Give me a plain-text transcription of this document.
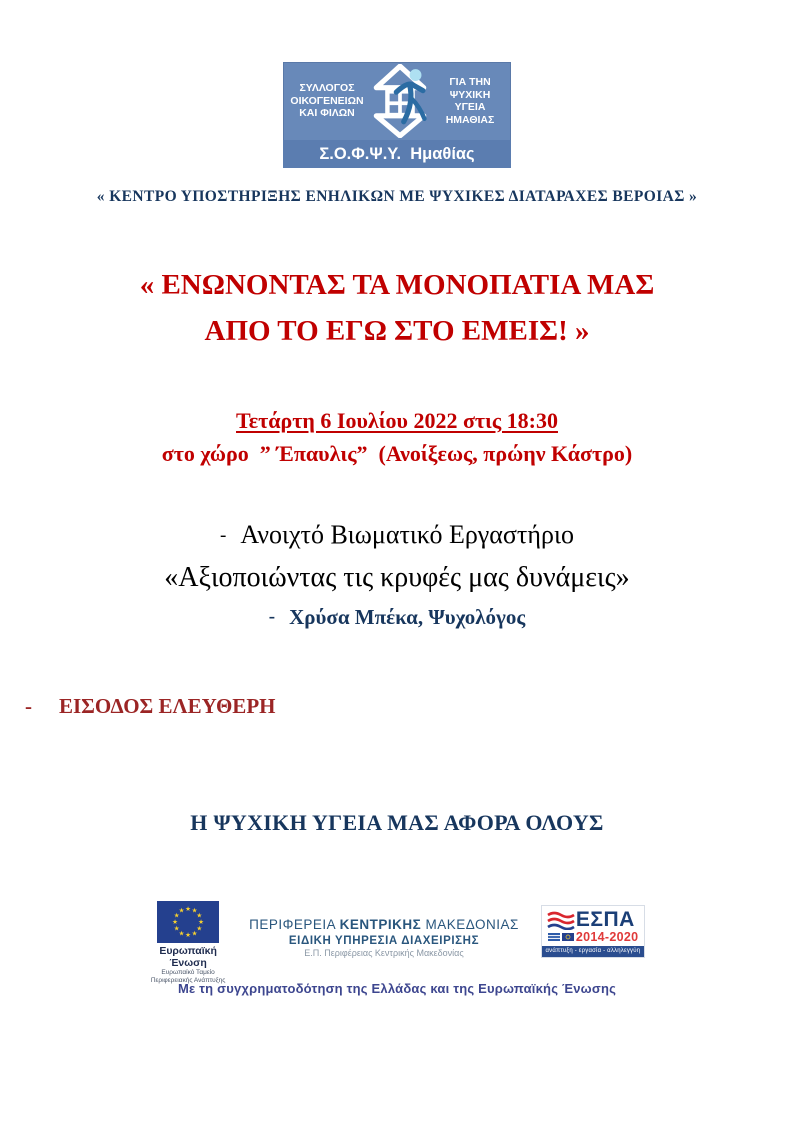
ΣΥΛΛΟΓΟΣ
ΟΙΚΟΓΕΝΕΙΩΝ
ΚΑΙ ΦΙΛΩΝ
ΓΙΑ ΤΗΝ
ΨΥΧΙΚΗ ΥΓΕΙΑ
ΗΜΑΘΙΑΣ
Σ.Ο.Φ.Ψ.Υ.  Ημαθίας
« ΚΕΝΤΡΟ ΥΠΟΣΤΗΡΙΞΗΣ ΕΝΗΛΙΚΩΝ ΜΕ ΨΥΧΙΚΕΣ ΔΙΑΤΑΡΑΧΕΣ ΒΕΡΟΙΑΣ »
« ΕΝΩΝΟΝΤΑΣ ΤΑ ΜΟΝΟΠΑΤΙΑ ΜΑΣ
ΑΠΟ ΤΟ ΕΓΩ ΣΤΟ ΕΜΕΙΣ! »
Τετάρτη 6 Ιουλίου 2022 στις 18:30
στο χώρο  ” Έπαυλις”  (Ανοίξεως, πρώην Κάστρο)
- Ανοιχτό Βιωματικό Εργαστήριο
«Αξιοποιώντας τις κρυφές μας δυνάμεις»
- Χρύσα Μπέκα, Ψυχολόγος
- ΕΙΣΟΔΟΣ ΕΛΕΥΘΕΡΗ
Η ΨΥΧΙΚΗ ΥΓΕΙΑ ΜΑΣ ΑΦΟΡΑ ΟΛΟΥΣ
★ ★
★
★
★
★
★
★
★
★
★
★
Ευρωπαϊκή Ένωση
Ευρωπαϊκό Ταμείο
Περιφερειακής Ανάπτυξης
ΠΕΡΙΦΕΡΕΙΑ ΚΕΝΤΡΙΚΗΣ ΜΑΚΕΔΟΝΙΑΣ
ΕΙΔΙΚΗ ΥΠΗΡΕΣΙΑ ΔΙΑΧΕΙΡΙΣΗΣ
Ε.Π. Περιφέρειας Κεντρικής Μακεδονίας
ΕΣΠΑ
2014-2020
ανάπτυξη - εργασία - αλληλεγγύη
Με τη συγχρηματοδότηση της Ελλάδας και της Ευρωπαϊκής Ένωσης
